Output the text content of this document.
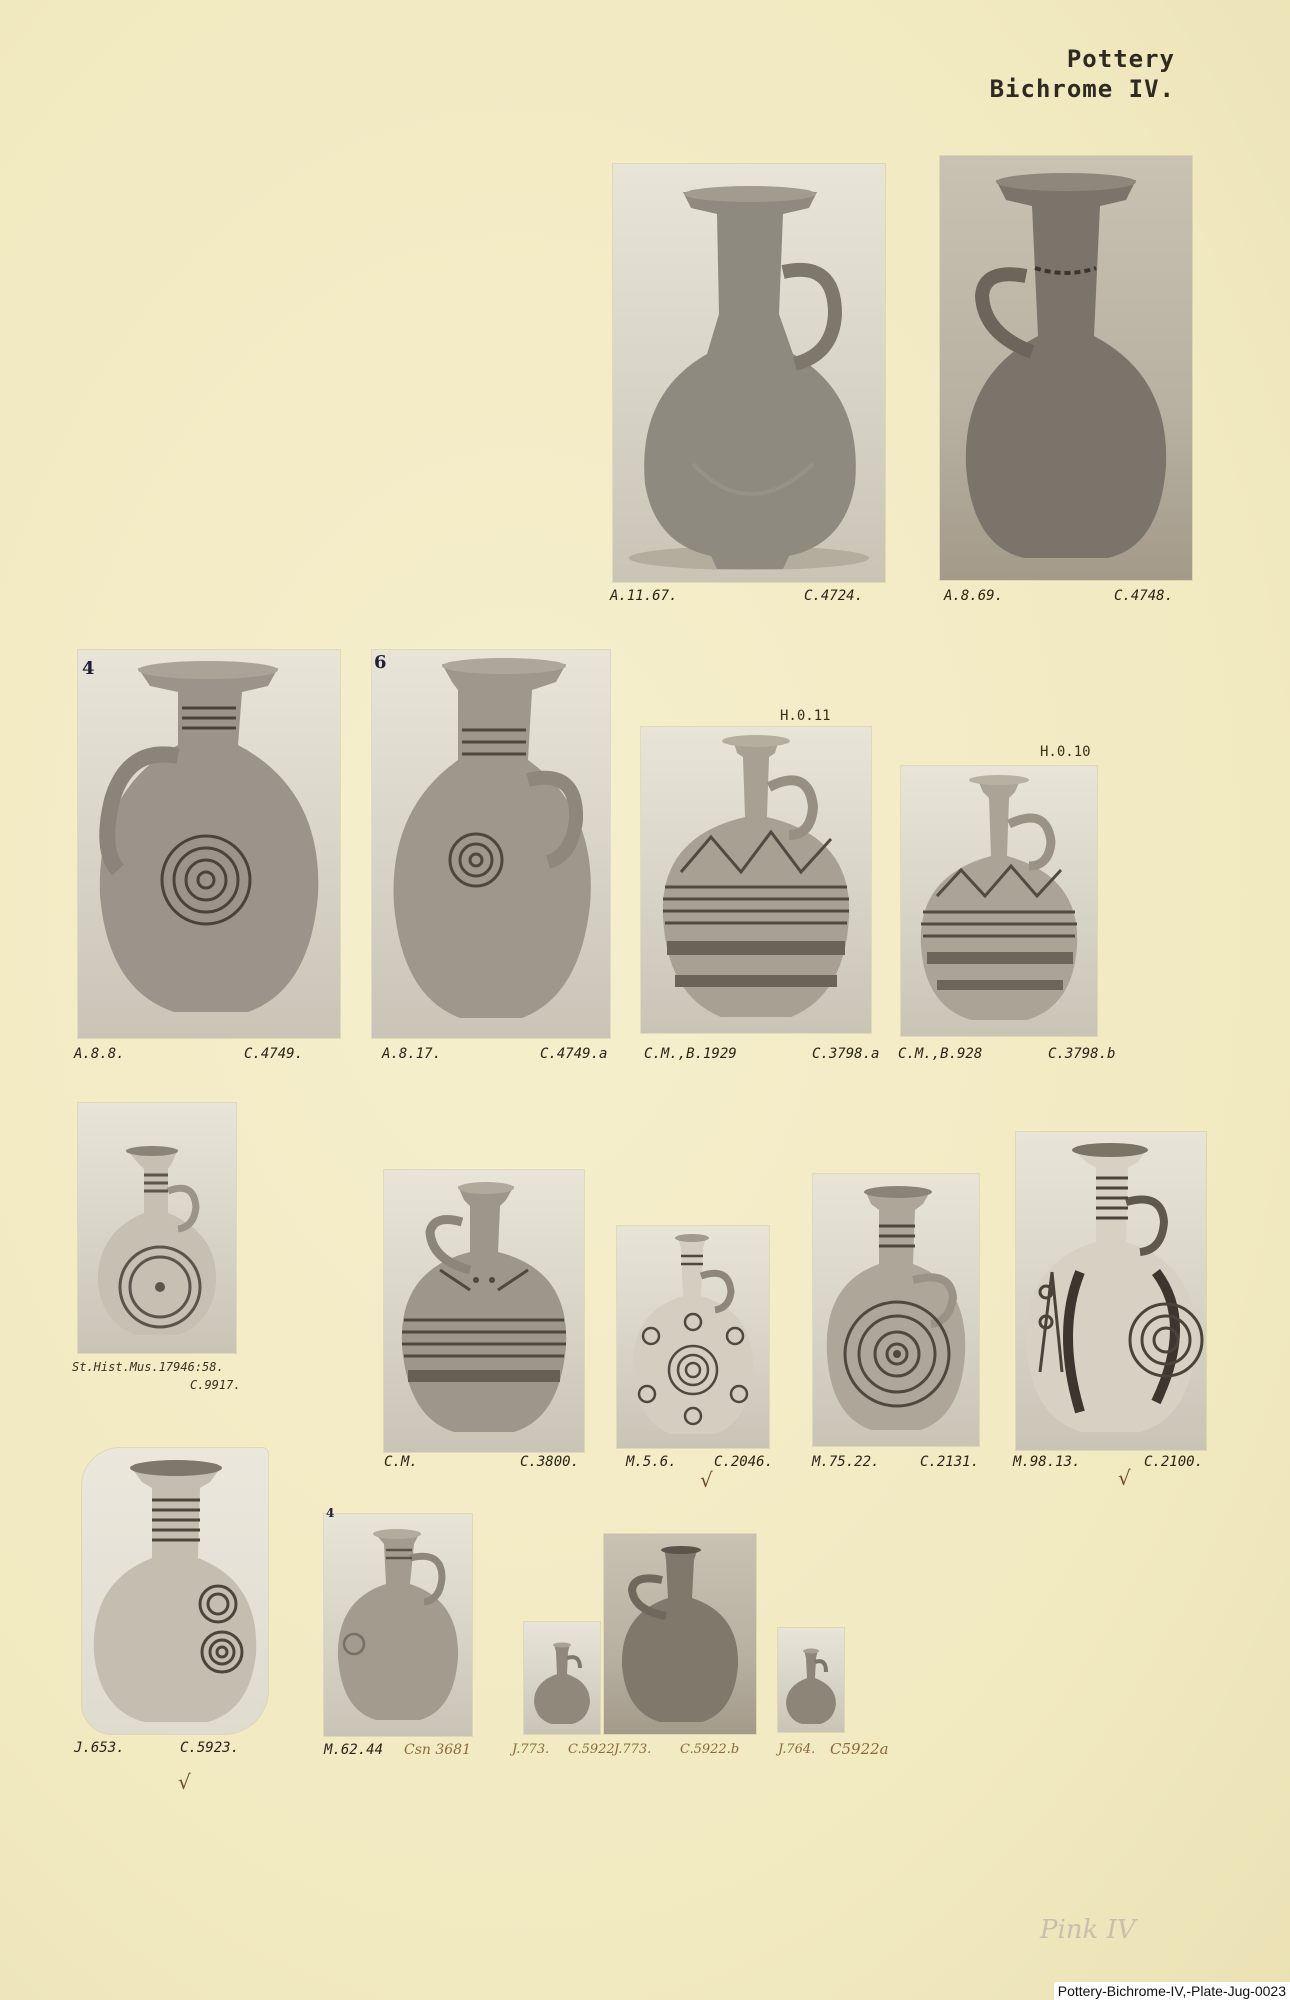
Pottery
Bichrome IV.
A.11.67.	C.4724.	A.8.69.	C.4748.
4
A.8.8.	C.4749.
6
A.8.17.	C.4749.a
H.0.11
C.M.,B.1929	C.3798.a
H.0.10
C.M.,B.928	C.3798.b
St.Hist.Mus.17946:58.
C.9917.
C.M.	C.3800.	M.5.6.	C.2046.
√
M.75.22.	C.2131. M.98.13.	C.2100.
√
J.653.	C.5923.
√
4
M.62.44 Csn 3681	J.773. C.5922 J.773. C.5922.b	J.764. C5922a
Pink IV
Pottery-Bichrome-IV,-Plate-Jug-0023
